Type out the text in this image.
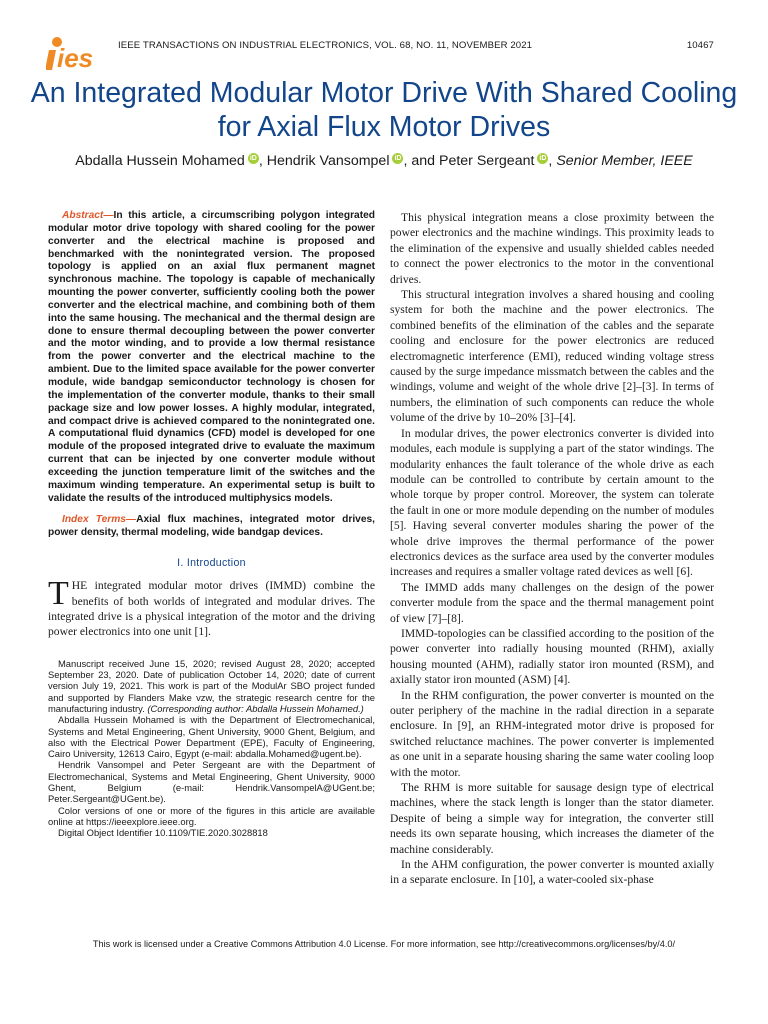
ies	IEEE TRANSACTIONS ON INDUSTRIAL ELECTRONICS, VOL. 68, NO. 11, NOVEMBER 2021	10467
An Integrated Modular Motor Drive With Shared Cooling for Axial Flux Motor Drives
Abdalla Hussein Mohamed iD , Hendrik Vansompel iD , and Peter Sergeant iD , Senior Member, IEEE

Abstract—In this article, a circumscribing polygon integrated modular motor drive topology with shared cooling for the power converter and the electrical machine is proposed and benchmarked with the nonintegrated version. The proposed topology is applied on an axial flux permanent magnet synchronous machine. The topology is capable of mechanically mounting the power converter, sufficiently cooling both the power converter and the electrical machine, and combining both of them into the same housing. The mechanical and the thermal design are done to ensure thermal decoupling between the power converter and the motor winding, and to provide a low thermal resistance from the power converter and the electrical machine to the ambient. Due to the limited space available for the power converter module, wide bandgap semiconductor technology is chosen for the implementation of the converter module, thanks to their small package size and low power losses. A highly modular, integrated, and compact drive is achieved compared to the nonintegrated one. A computational fluid dynamics (CFD) model is developed for one module of the proposed integrated drive to evaluate the maximum current that can be injected by one converter module without exceeding the junction temperature limit of the switches and the maximum winding temperature. An experimental setup is built to validate the results of the introduced multiphysics models.

Index Terms—Axial flux machines, integrated motor drives, power density, thermal modeling, wide bandgap devices.

I. Introduction

THE integrated modular motor drives (IMMD) combine the benefits of both worlds of integrated and modular drives. The integrated drive is a physical integration of the motor and the driving power electronics into one unit [1].

Manuscript received June 15, 2020; revised August 28, 2020; accepted September 23, 2020. Date of publication October 14, 2020; date of current version July 19, 2021. This work is part of the ModulAr SBO project funded and supported by Flanders Make vzw, the strategic research centre for the manufacturing industry. (Corresponding author: Abdalla Hussein Mohamed.)

Abdalla Hussein Mohamed is with the Department of Electromechanical, Systems and Metal Engineering, Ghent University, 9000 Ghent, Belgium, and also with the Electrical Power Department (EPE), Faculty of Engineering, Cairo University, 12613 Cairo, Egypt (e-mail: abdalla.Mohamed@ugent.be).

Hendrik Vansompel and Peter Sergeant are with the Department of Electromechanical, Systems and Metal Engineering, Ghent University, 9000 Ghent, Belgium (e-mail: Hendrik.VansompelA@UGent.be; Peter.Sergeant@UGent.be).

Color versions of one or more of the figures in this article are available online at https://ieeexplore.ieee.org.

Digital Object Identifier 10.1109/TIE.2020.3028818

This physical integration means a close proximity between the power electronics and the machine windings. This proximity leads to the elimination of the expensive and usually shielded cables needed to connect the power electronics to the motor in the conventional drives.

This structural integration involves a shared housing and cooling system for both the machine and the power electronics. The combined benefits of the elimination of the cables and the separate cooling and enclosure for the power electronics are reduced electromagnetic interference (EMI), reduced winding voltage stress caused by the surge impedance missmatch between the cables and the windings, volume and weight of the whole drive [2]–[3]. In terms of numbers, the elimination of such components can reduce the whole volume of the drive by 10–20% [3]–[4].

In modular drives, the power electronics converter is divided into modules, each module is supplying a part of the stator windings. The modularity enhances the fault tolerance of the whole drive as each module can be controlled to contribute by certain amount to the whole torque by proper control. Moreover, the system can tolerate the fault in one or more module depending on the number of modules [5]. Having several converter modules sharing the power of the whole drive improves the thermal performance of the power electronics devices as the surface area used by the converter modules increases and requires a smaller voltage rated devices as well [6].

The IMMD adds many challenges on the design of the power converter module from the space and the thermal management point of view [7]–[8].

IMMD-topologies can be classified according to the position of the power converter into radially housing mounted (RHM), axially housing mounted (AHM), radially stator iron mounted (RSM), and axially stator iron mounted (ASM) [4].

In the RHM configuration, the power converter is mounted on the outer periphery of the machine in the radial direction in a separate enclosure. In [9], an RHM-integrated motor drive is proposed for switched reluctance machines. The power converter is implemented as one unit in a separate housing sharing the same water cooling loop with the motor.

The RHM is more suitable for sausage design type of electrical machines, where the stack length is longer than the stator diameter. Despite of being a simple way for integration, the converter still needs its own separate housing, which increases the diameter of the machine considerably.

In the AHM configuration, the power converter is mounted axially in a separate enclosure. In [10], a water-cooled six-phase

This work is licensed under a Creative Commons Attribution 4.0 License. For more information, see http://creativecommons.org/licenses/by/4.0/
